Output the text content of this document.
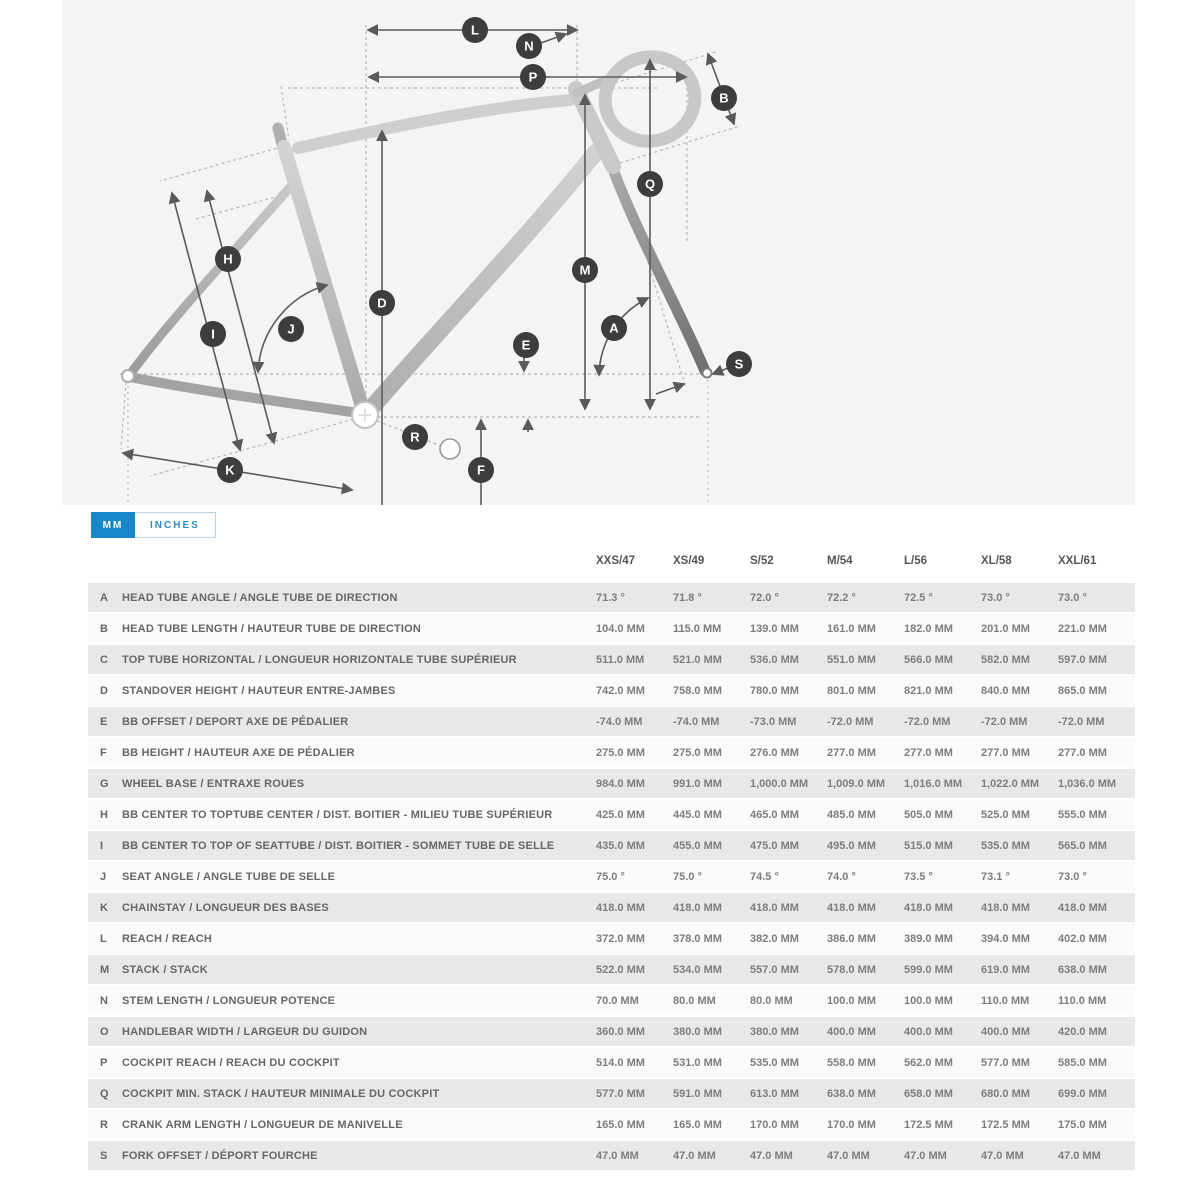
L
N
P
B
Q
H
M
D
I	J	A
E
S
R
K	F
MM	INCHES
XXS/47	XS/49	S/52	M/54	L/56	XL/58	XXL/61
A	HEAD TUBE ANGLE / ANGLE TUBE DE DIRECTION	71.3 °	71.8 °	72.0 °	72.2 °	72.5 °	73.0 °	73.0 °
B	HEAD TUBE LENGTH / HAUTEUR TUBE DE DIRECTION	104.0 MM	115.0 MM	139.0 MM	161.0 MM	182.0 MM	201.0 MM	221.0 MM
C	TOP TUBE HORIZONTAL / LONGUEUR HORIZONTALE TUBE SUPÉRIEUR	511.0 MM	521.0 MM	536.0 MM	551.0 MM	566.0 MM	582.0 MM	597.0 MM
D	STANDOVER HEIGHT / HAUTEUR ENTRE-JAMBES	742.0 MM	758.0 MM	780.0 MM	801.0 MM	821.0 MM	840.0 MM	865.0 MM
E	BB OFFSET / DEPORT AXE DE PÉDALIER	-74.0 MM	-74.0 MM	-73.0 MM	-72.0 MM	-72.0 MM	-72.0 MM	-72.0 MM
F	BB HEIGHT / HAUTEUR AXE DE PÉDALIER	275.0 MM	275.0 MM	276.0 MM	277.0 MM	277.0 MM	277.0 MM	277.0 MM
G	WHEEL BASE / ENTRAXE ROUES	984.0 MM	991.0 MM	1,000.0 MM	1,009.0 MM	1,016.0 MM	1,022.0 MM	1,036.0 MM
H	BB CENTER TO TOPTUBE CENTER / DIST. BOITIER - MILIEU TUBE SUPÉRIEUR	425.0 MM	445.0 MM	465.0 MM	485.0 MM	505.0 MM	525.0 MM	555.0 MM
I	BB CENTER TO TOP OF SEATTUBE / DIST. BOITIER - SOMMET TUBE DE SELLE	435.0 MM	455.0 MM	475.0 MM	495.0 MM	515.0 MM	535.0 MM	565.0 MM
J	SEAT ANGLE / ANGLE TUBE DE SELLE	75.0 °	75.0 °	74.5 °	74.0 °	73.5 °	73.1 °	73.0 °
K	CHAINSTAY / LONGUEUR DES BASES	418.0 MM	418.0 MM	418.0 MM	418.0 MM	418.0 MM	418.0 MM	418.0 MM
L	REACH / REACH	372.0 MM	378.0 MM	382.0 MM	386.0 MM	389.0 MM	394.0 MM	402.0 MM
M	STACK / STACK	522.0 MM	534.0 MM	557.0 MM	578.0 MM	599.0 MM	619.0 MM	638.0 MM
N	STEM LENGTH / LONGUEUR POTENCE	70.0 MM	80.0 MM	80.0 MM	100.0 MM	100.0 MM	110.0 MM	110.0 MM
O	HANDLEBAR WIDTH / LARGEUR DU GUIDON	360.0 MM	380.0 MM	380.0 MM	400.0 MM	400.0 MM	400.0 MM	420.0 MM
P	COCKPIT REACH / REACH DU COCKPIT	514.0 MM	531.0 MM	535.0 MM	558.0 MM	562.0 MM	577.0 MM	585.0 MM
Q	COCKPIT MIN. STACK / HAUTEUR MINIMALE DU COCKPIT	577.0 MM	591.0 MM	613.0 MM	638.0 MM	658.0 MM	680.0 MM	699.0 MM
R	CRANK ARM LENGTH / LONGUEUR DE MANIVELLE	165.0 MM	165.0 MM	170.0 MM	170.0 MM	172.5 MM	172.5 MM	175.0 MM
S	FORK OFFSET / DÉPORT FOURCHE	47.0 MM	47.0 MM	47.0 MM	47.0 MM	47.0 MM	47.0 MM	47.0 MM
